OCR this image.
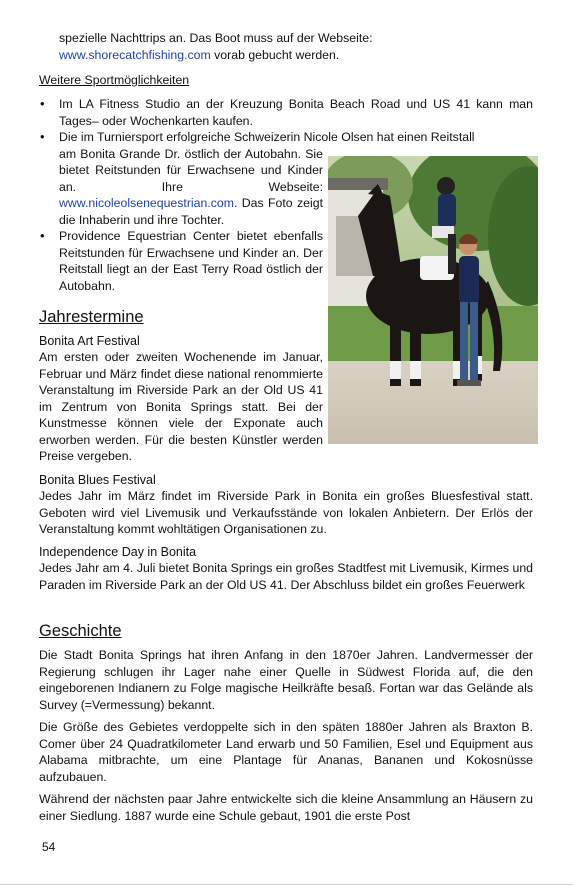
spezielle Nachttrips an. Das Boot muss auf der Webseite:
www.shorecatchfishing.com vorab gebucht werden.

Weitere Sportmöglichkeiten
• Im LA Fitness Studio an der Kreuzung Bonita Beach Road und US 41 kann man Tages– oder Wochenkarten kaufen.
• Die im Turniersport erfolgreiche Schweizerin Nicole Olsen hat einen Reitstall
am Bonita Grande Dr. östlich der Autobahn. Sie bietet Reitstunden für Erwachsene und Kinder an. Ihre Webseite: www.nicoleolsenequestrian.com. Das Foto zeigt die Inhaberin und ihre Tochter.
• Providence Equestrian Center bietet ebenfalls Reitstunden für Erwachsene und Kinder an. Der Reitstall liegt an der East Terry Road östlich der Autobahn.
Jahrestermine
Bonita Art Festival

Am ersten oder zweiten Wochenende im Januar, Februar und März findet diese national renommierte Veranstaltung im Riverside Park an der Old US 41 im Zentrum von Bonita Springs statt. Bei der Kunstmesse können viele der Exponate auch erworben werden. Für die besten Künstler werden Preise vergeben.

Bonita Blues Festival

Jedes Jahr im März findet im Riverside Park in Bonita ein großes Bluesfestival statt. Geboten wird viel Livemusik und Verkaufsstände von lokalen Anbietern. Der Erlös der Veranstaltung kommt wohltätigen Organisationen zu.

Independence Day in Bonita

Jedes Jahr am 4. Juli bietet Bonita Springs ein großes Stadtfest mit Livemusik, Kirmes und Paraden im Riverside Park an der Old US 41. Der Abschluss bildet ein großes Feuerwerk

Geschichte

Die Stadt Bonita Springs hat ihren Anfang in den 1870er Jahren. Landvermesser der Regierung schlugen ihr Lager nahe einer Quelle in Südwest Florida auf, die den eingeborenen Indianern zu Folge magische Heilkräfte besaß. Fortan war das Gelände als Survey (=Vermessung) bekannt.

Die Größe des Gebietes verdoppelte sich in den späten 1880er Jahren als Braxton B. Comer über 24 Quadratkilometer Land erwarb und 50 Familien, Esel und Equipment aus Alabama mitbrachte, um eine Plantage für Ananas, Bananen und Kokosnüsse aufzubauen.

Während der nächsten paar Jahre entwickelte sich die kleine Ansammlung an Häusern zu einer Siedlung. 1887 wurde eine Schule gebaut, 1901 die erste Post

54
